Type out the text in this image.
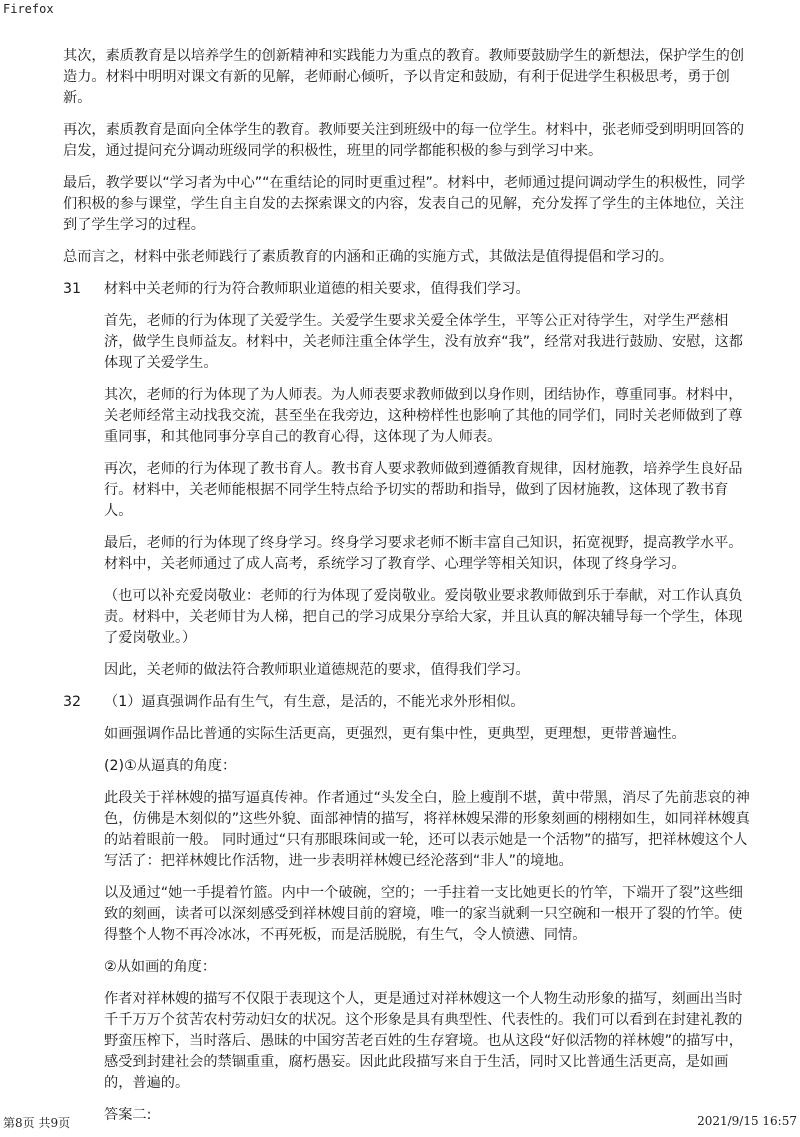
Firefox

其次，素质教育是以培养学生的创新精神和实践能力为重点的教育。教师要鼓励学生的新想法，保护学生的创造力。材料中明明对课文有新的见解，老师耐心倾听，予以肯定和鼓励，有利于促进学生积极思考，勇于创新。

再次，素质教育是面向全体学生的教育。教师要关注到班级中的每一位学生。材料中，张老师受到明明回答的启发，通过提问充分调动班级同学的积极性，班里的同学都能积极的参与到学习中来。

最后，教学要以“学习者为中心”“在重结论的同时更重过程”。材料中，老师通过提问调动学生的积极性，同学们积极的参与课堂，学生自主自发的去探索课文的内容，发表自己的见解，充分发挥了学生的主体地位，关注到了学生学习的过程。

总而言之，材料中张老师践行了素质教育的内涵和正确的实施方式，其做法是值得提倡和学习的。

31 材料中关老师的行为符合教师职业道德的相关要求，值得我们学习。

首先，老师的行为体现了关爱学生。关爱学生要求关爱全体学生，平等公正对待学生，对学生严慈相济，做学生良师益友。材料中，关老师注重全体学生，没有放弃“我”，经常对我进行鼓励、安慰，这都体现了关爱学生。

其次，老师的行为体现了为人师表。为人师表要求教师做到以身作则，团结协作，尊重同事。材料中，关老师经常主动找我交流，甚至坐在我旁边，这种榜样性也影响了其他的同学们，同时关老师做到了尊重同事，和其他同事分享自己的教育心得，这体现了为人师表。

再次，老师的行为体现了教书育人。教书育人要求教师做到遵循教育规律，因材施教，培养学生良好品行。材料中，关老师能根据不同学生特点给予切实的帮助和指导，做到了因材施教，这体现了教书育人。

最后，老师的行为体现了终身学习。终身学习要求老师不断丰富自己知识，拓宽视野，提高教学水平。材料中，关老师通过了成人高考，系统学习了教育学、心理学等相关知识，体现了终身学习。

（也可以补充爱岗敬业：老师的行为体现了爱岗敬业。爱岗敬业要求教师做到乐于奉献，对工作认真负责。材料中，关老师甘为人梯，把自己的学习成果分享给大家，并且认真的解决辅导每一个学生，体现了爱岗敬业。）

因此，关老师的做法符合教师职业道德规范的要求，值得我们学习。

32 （1）逼真强调作品有生气，有生意，是活的，不能光求外形相似。

如画强调作品比普通的实际生活更高，更强烈，更有集中性，更典型，更理想，更带普遍性。

(2)①从逼真的角度：

此段关于祥林嫂的描写逼真传神。作者通过“头发全白，脸上瘦削不堪，黄中带黑，消尽了先前悲哀的神色，仿佛是木刻似的”这些外貌、面部神情的描写，将祥林嫂呆滞的形象刻画的栩栩如生，如同祥林嫂真的站着眼前一般。 同时通过“只有那眼珠间或一轮，还可以表示她是一个活物”的描写，把祥林嫂这个人写活了：把祥林嫂比作活物，进一步表明祥林嫂已经沦落到“非人”的境地。

以及通过“她一手提着竹篮。内中一个破碗，空的；一手拄着一支比她更长的竹竿，下端开了裂”这些细致的刻画，读者可以深刻感受到祥林嫂目前的窘境，唯一的家当就剩一只空碗和一根开了裂的竹竿。使得整个人物不再冷冰冰，不再死板，而是活脱脱，有生气，令人愤懑、同情。

②从如画的角度：

作者对祥林嫂的描写不仅限于表现这个人，更是通过对祥林嫂这一个人物生动形象的描写，刻画出当时千千万万个贫苦农村劳动妇女的状况。这个形象是具有典型性、代表性的。我们可以看到在封建礼教的野蛮压榨下，当时落后、愚昧的中国穷苦老百姓的生存窘境。也从这段“好似活物的祥林嫂”的描写中，感受到封建社会的禁锢重重，腐朽愚妄。因此此段描写来自于生活，同时又比普通生活更高，是如画的，普遍的。

答案二:

第8页 共9页	2021/9/15 16:57
